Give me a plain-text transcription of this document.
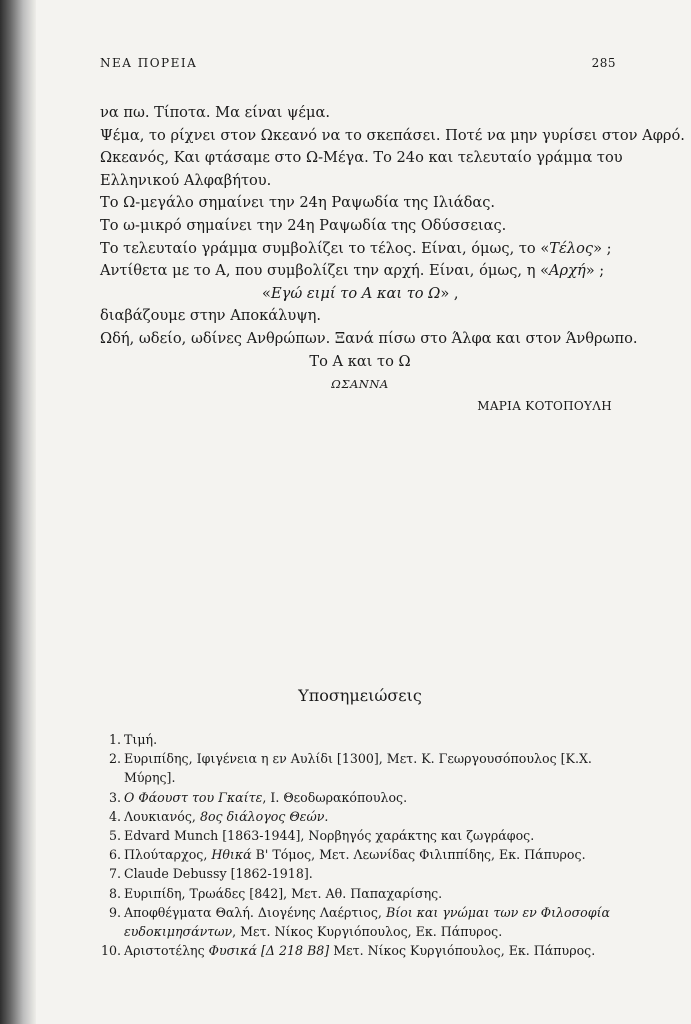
ΝΕΑ ΠΟΡΕΙΑ	285

να πω. Τίποτα. Μα είναι ψέμα.

Ψέμα, το ρίχνει στον Ωκεανό να το σκεπάσει. Ποτέ να μην γυρίσει στον Αφρό.

Ωκεανός, Και φτάσαμε στο Ω-Μέγα. Το 24ο και τελευταίο γράμμα του

Ελληνικού Αλφαβήτου.

Το Ω-μεγάλο σημαίνει την 24η Ραψωδία της Ιλιάδας.

Το ω-μικρό σημαίνει την 24η Ραψωδία της Οδύσσειας.

Το τελευταίο γράμμα συμβολίζει το τέλος. Είναι, όμως, το «Τέλος» ;

Αντίθετα με το Α, που συμβολίζει την αρχή. Είναι, όμως, η «Αρχή» ;

«Εγώ ειμί το Α και το Ω» ,

διαβάζουμε στην Αποκάλυψη.

Ωδή, ωδείο, ωδίνες Ανθρώπων. Ξανά πίσω στο Άλφα και στον Άνθρωπο.

Το Α και το Ω

ΩΣΑΝΝΑ

ΜΑΡΙΑ ΚΟΤΟΠΟΥΛΗ

Υποσημειώσεις
1. Τιμή.
2. Ευριπίδης, Ιφιγένεια η εν Αυλίδι [1300], Μετ. Κ. Γεωργουσόπουλος [Κ.Χ. Μύρης].
3. Ο Φάουστ του Γκαίτε, Ι. Θεοδωρακόπουλος.
4. Λουκιανός, 8ος διάλογος Θεών.
5. Edvard Munch [1863-1944], Νορβηγός χαράκτης και ζωγράφος.
6. Πλούταρχος, Ηθικά Β' Τόμος, Μετ. Λεωνίδας Φιλιππίδης, Εκ. Πάπυρος.
7. Claude Debussy [1862-1918].
8. Ευριπίδη, Τρωάδες [842], Μετ. Αθ. Παπαχαρίσης.
9. Αποφθέγματα Θαλή. Διογένης Λαέρτιος, Βίοι και γνώμαι των εν Φιλοσοφία ευδοκιμησάντων, Μετ. Νίκος Κυργιόπουλος, Εκ. Πάπυρος.
10. Αριστοτέλης Φυσικά [Δ 218 Β8] Μετ. Νίκος Κυργιόπουλος, Εκ. Πάπυρος.
